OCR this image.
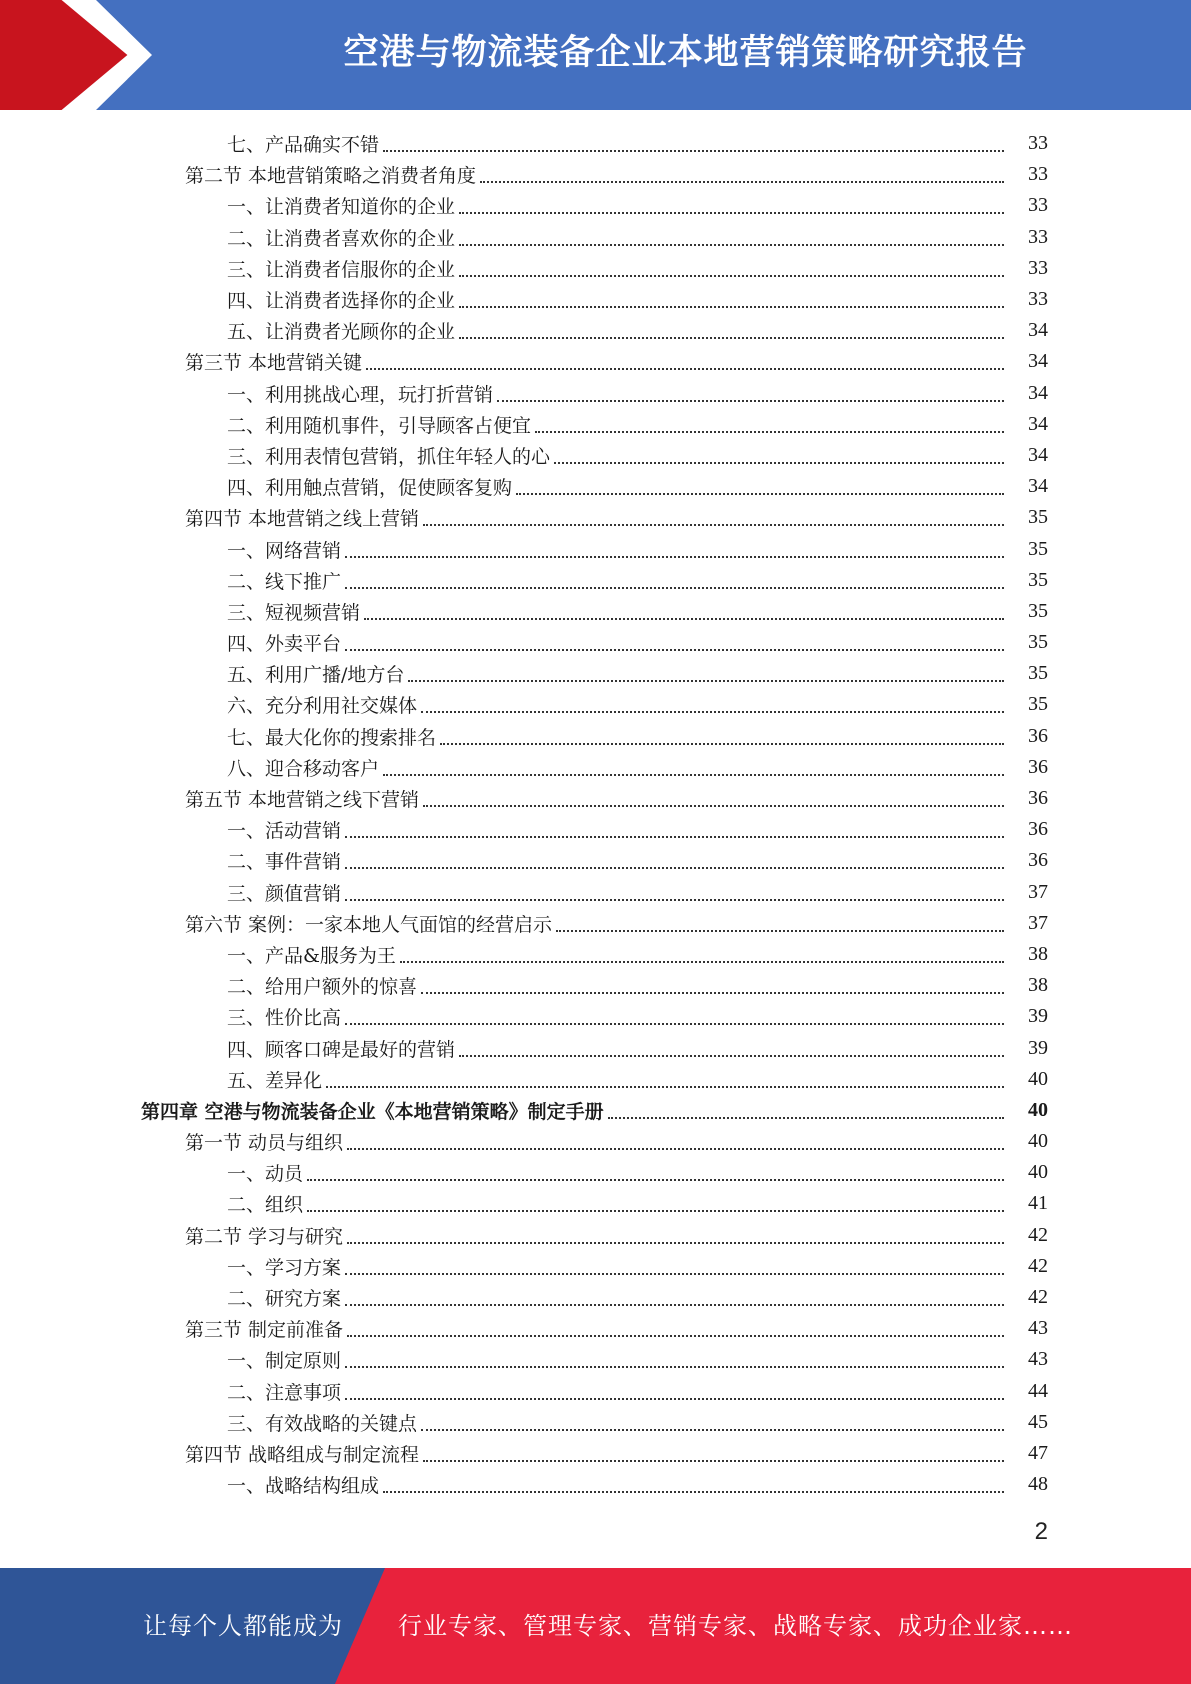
空港与物流装备企业本地营销策略研究报告
七、产品确实不错	33
第二节 本地营销策略之消费者角度	33
一、让消费者知道你的企业	33
二、让消费者喜欢你的企业	33
三、让消费者信服你的企业	33
四、让消费者选择你的企业	33
五、让消费者光顾你的企业	34
第三节 本地营销关键	34
一、利用挑战心理，玩打折营销	34
二、利用随机事件，引导顾客占便宜	34
三、利用表情包营销，抓住年轻人的心	34
四、利用触点营销，促使顾客复购	34
第四节 本地营销之线上营销	35
一、网络营销	35
二、线下推广	35
三、短视频营销	35
四、外卖平台	35
五、利用广播/地方台	35
六、充分利用社交媒体	35
七、最大化你的搜索排名	36
八、迎合移动客户	36
第五节 本地营销之线下营销	36
一、活动营销	36
二、事件营销	36
三、颜值营销	37
第六节 案例：一家本地人气面馆的经营启示	37
一、产品&服务为王	38
二、给用户额外的惊喜	38
三、性价比高	39
四、顾客口碑是最好的营销	39
五、差异化	40
第四章 空港与物流装备企业《本地营销策略》制定手册	40
第一节 动员与组织	40
一、动员	40
二、组织	41
第二节 学习与研究	42
一、学习方案	42
二、研究方案	42
第三节 制定前准备	43
一、制定原则	43
二、注意事项	44
三、有效战略的关键点	45
第四节 战略组成与制定流程	47
一、战略结构组成	48
2
让每个人都能成为 行业专家、管理专家、营销专家、战略专家、成功企业家……
